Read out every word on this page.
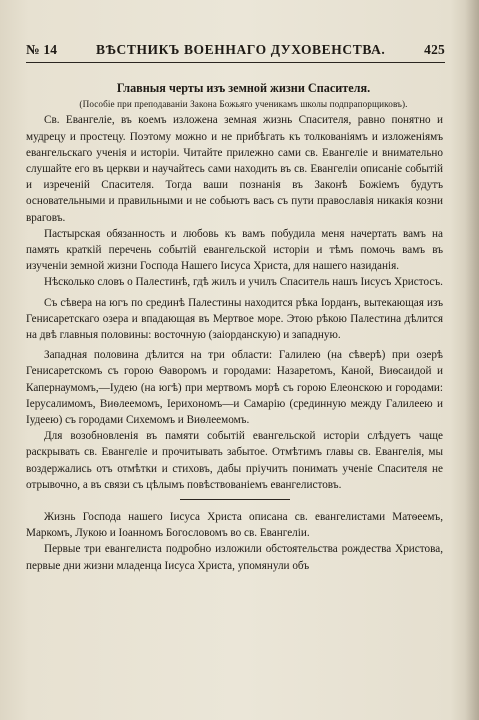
№ 14	ВѢСТНИКЪ ВОЕННАГО ДУХОВЕНСТВА.	425

Главныя черты изъ земной жизни Спасителя.

(Пособіе при преподаваніи Закона Божьяго ученикамъ школы подпрапорщиковъ).

Св. Евангеліе, въ коемъ изложена земная жизнь Спасителя, равно понятно и мудрецу и простецу. Поэтому можно и не прибѣгать къ толкованіямъ и изложеніямъ евангельскаго ученія и исторіи. Читайте прилежно сами св. Евангеліе и внимательно слушайте его въ церкви и научайтесь сами находить въ св. Евангеліи описаніе событій и изреченій Спасителя. Тогда ваши познанія въ Законѣ Божіемъ будутъ основательными и правильными и не собьютъ васъ съ пути православія никакія козни враговъ.

Пастырская обязанность и любовь къ вамъ побудила меня начертать вамъ на память краткій перечень событій евангельской исторіи и тѣмъ помочь вамъ въ изученіи земной жизни Господа Нашего Іисуса Христа, для нашего назиданія.

Нѣсколько словъ о Палестинѣ, гдѣ жилъ и училъ Спаситель нашъ Іисусъ Христосъ.

Съ сѣвера на югъ по срединѣ Палестины находится рѣка Іорданъ, вытекающая изъ Генисаретскаго озера и впадающая въ Мертвое море. Этою рѣкою Палестина дѣлится на двѣ главныя половины: восточную (заіорданскую) и западную.

Западная половина дѣлится на три области: Галилею (на сѣверѣ) при озерѣ Генисаретскомъ съ горою Ѳаворомъ и городами: Назаретомъ, Каной, Виѳсаидой и Капернаумомъ,—Іудею (на югѣ) при мертвомъ морѣ съ горою Елеонскою и городами: Іерусалимомъ, Виѳлеемомъ, Іерихономъ—и Самарію (срединную между Галилеею и Іудеею) съ городами Сихемомъ и Виѳлеемомъ.

Для возобновленія въ памяти событій евангельской исторіи слѣдуетъ чаще раскрывать св. Евангеліе и прочитывать забытое. Отмѣтимъ главы св. Евангелія, мы воздержались отъ отмѣтки и стиховъ, дабы пріучить понимать ученіе Спасителя не отрывочно, а въ связи съ цѣлымъ повѣствованіемъ евангелистовъ.

Жизнь Господа нашего Іисуса Христа описана св. евангелистами Матѳеемъ, Маркомъ, Лукою и Іоанномъ Богословомъ во св. Евангеліи.

Первые три евангелиста подробно изложили обстоятельства рождества Христова, первые дни жизни младенца Іисуса Христа, упомянули объ
